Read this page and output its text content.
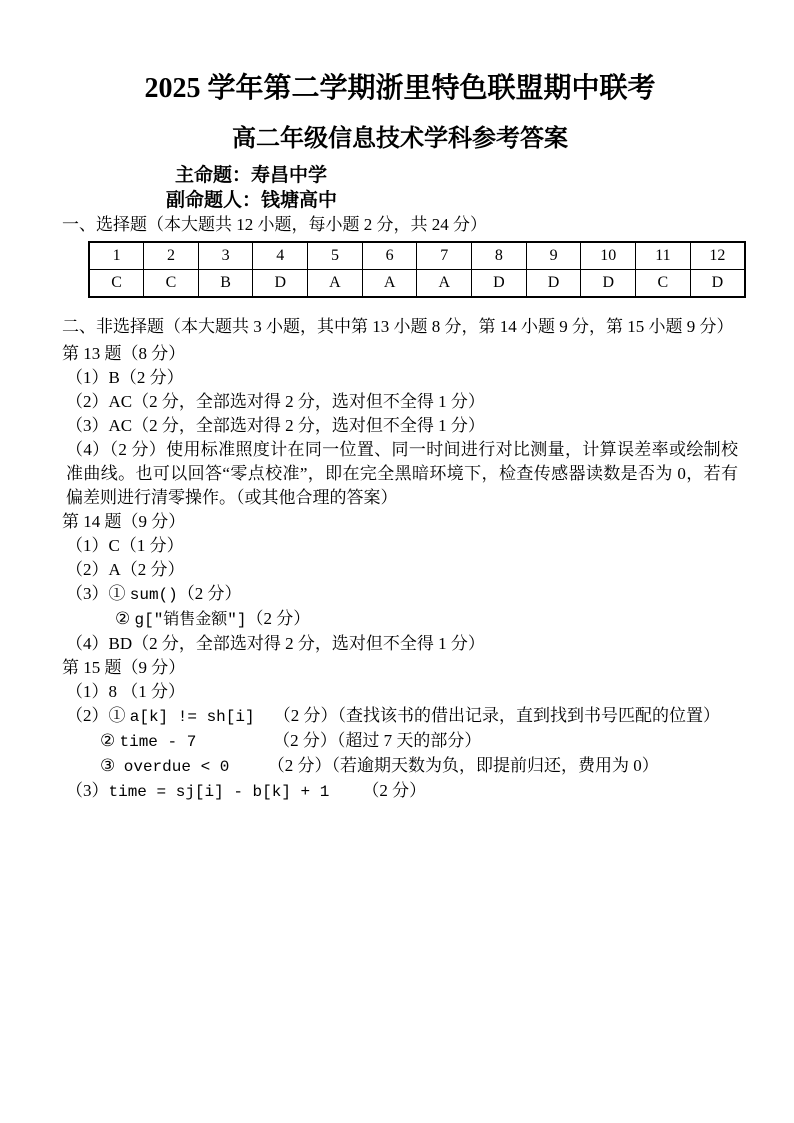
2025 学年第二学期浙里特色联盟期中联考
高二年级信息技术学科参考答案
主命题：寿昌中学
副命题人：钱塘高中
一、选择题（本大题共 12 小题，每小题 2 分，共 24 分）
1	2	3	4	5	6	7	8	9	10	11	12
C	C	B	D	A	A	A	D	D	D	C	D
二、非选择题（本大题共 3 小题，其中第 13 小题 8 分，第 14 小题 9 分，第 15 小题 9 分）
第 13 题（8 分）
（1）B（2 分）
（2）AC（2 分，全部选对得 2 分，选对但不全得 1 分）
（3）AC（2 分，全部选对得 2 分，选对但不全得 1 分）
（4）（2 分）使用标准照度计在同一位置、同一时间进行对比测量，计算误差率或绘制校准曲线。也可以回答“零点校准”，即在完全黑暗环境下，检查传感器读数是否为 0，若有偏差则进行清零操作。（或其他合理的答案）
第 14 题（9 分）
（1）C（1 分）
（2）A（2 分）
（3）① sum()（2 分）
② g["销售金额"]（2 分）
（4）BD（2 分，全部选对得 2 分，选对但不全得 1 分）
第 15 题（9 分）
（1）8 （1 分）
（2）① a[k] != sh[i]  （2 分）（查找该书的借出记录，直到找到书号匹配的位置）
② time - 7        （2 分）（超过 7 天的部分）
③  overdue < 0    （2 分）（若逾期天数为负，即提前归还，费用为 0）
（3）time = sj[i] - b[k] + 1    （2 分）
